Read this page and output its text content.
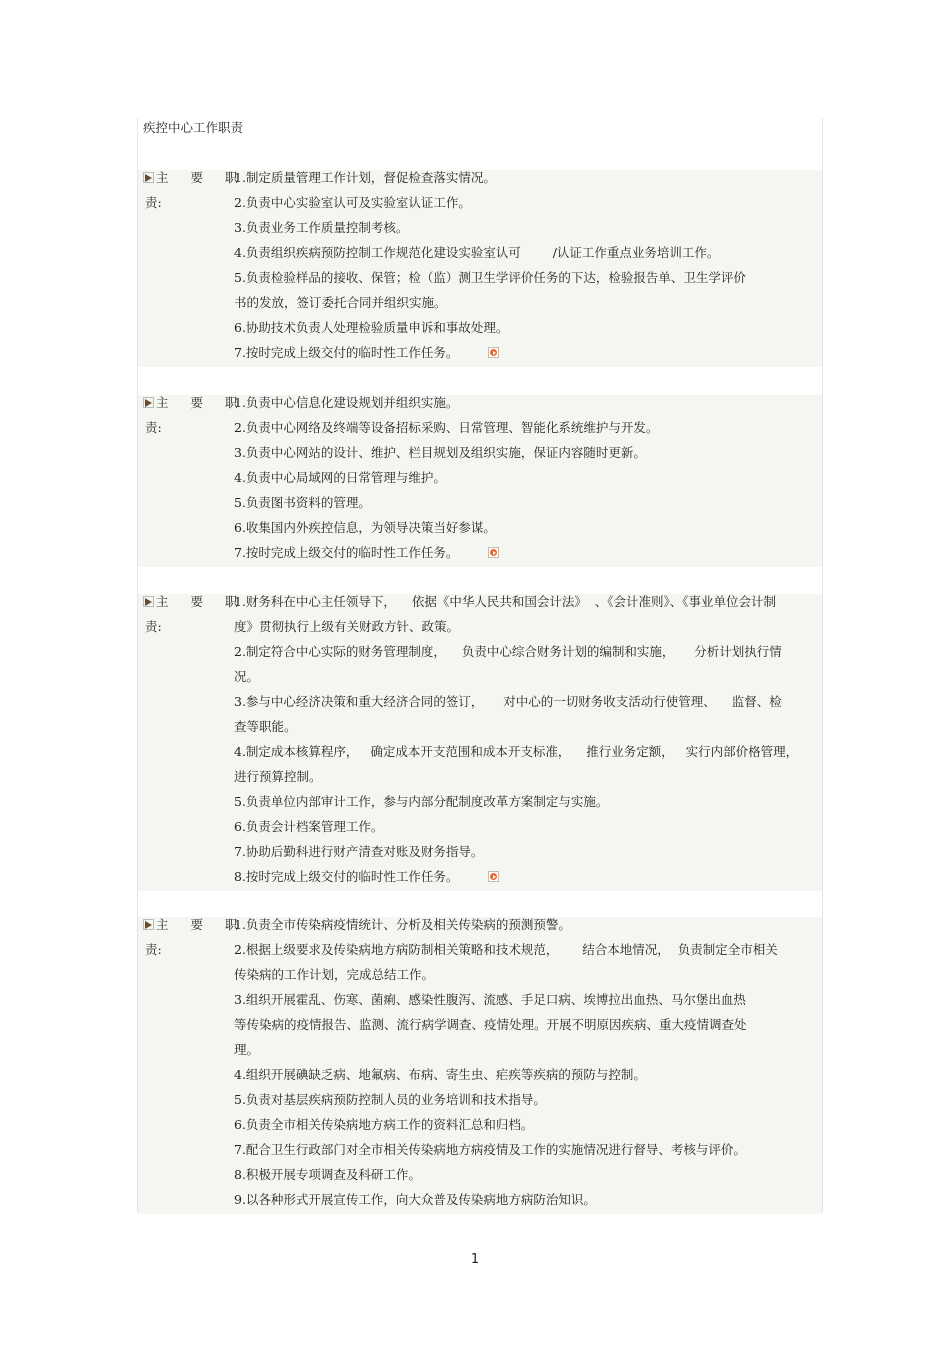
疾控中心工作职责
主 要 职
责:
1.制定质量管理工作计划，督促检查落实情况。
2.负责中心实验室认可及实验室认证工作。
3.负责业务工作质量控制考核。
4.负责组织疾病预防控制工作规范化建设实验室认可        /认证工作重点业务培训工作。
5.负责检验样品的接收、保管；检（监）测卫生学评价任务的下达，检验报告单、卫生学评价
书的发放，签订委托合同并组织实施。
6.协助技术负责人处理检验质量申诉和事故处理。
7.按时完成上级交付的临时性工作任务。
主 要 职
责:
1.负责中心信息化建设规划并组织实施。
2.负责中心网络及终端等设备招标采购、日常管理、智能化系统维护与开发。
3.负责中心网站的设计、维护、栏目规划及组织实施，保证内容随时更新。
4.负责中心局域网的日常管理与维护。
5.负责图书资料的管理。
6.收集国内外疾控信息，为领导决策当好参谋。
7.按时完成上级交付的临时性工作任务。
主 要 职
责:
1.财务科在中心主任领导下，    依据《中华人民共和国会计法》  、《会计准则》、《事业单位会计制
度》贯彻执行上级有关财政方针、政策。
2.制定符合中心实际的财务管理制度，    负责中心综合财务计划的编制和实施，     分析计划执行情
况。
3.参与中心经济决策和重大经济合同的签订，     对中心的一切财务收支活动行使管理、    监督、检
查等职能。
4.制定成本核算程序，   确定成本开支范围和成本开支标准，    推行业务定额，   实行内部价格管理，
进行预算控制。
5.负责单位内部审计工作，参与内部分配制度改革方案制定与实施。
6.负责会计档案管理工作。
7.协助后勤科进行财产清查对账及财务指导。
8.按时完成上级交付的临时性工作任务。
主 要 职
责:
1.负责全市传染病疫情统计、分析及相关传染病的预测预警。
2.根据上级要求及传染病地方病防制相关策略和技术规范，      结合本地情况，  负责制定全市相关
传染病的工作计划，完成总结工作。
3.组织开展霍乱、伤寒、菌痢、感染性腹泻、流感、手足口病、埃博拉出血热、马尔堡出血热
等传染病的疫情报告、监测、流行病学调查、疫情处理。开展不明原因疾病、重大疫情调查处
理。
4.组织开展碘缺乏病、地氟病、布病、寄生虫、疟疾等疾病的预防与控制。
5.负责对基层疾病预防控制人员的业务培训和技术指导。
6.负责全市相关传染病地方病工作的资料汇总和归档。
7.配合卫生行政部门对全市相关传染病地方病疫情及工作的实施情况进行督导、考核与评价。
8.积极开展专项调查及科研工作。
9.以各种形式开展宣传工作，向大众普及传染病地方病防治知识。
1
